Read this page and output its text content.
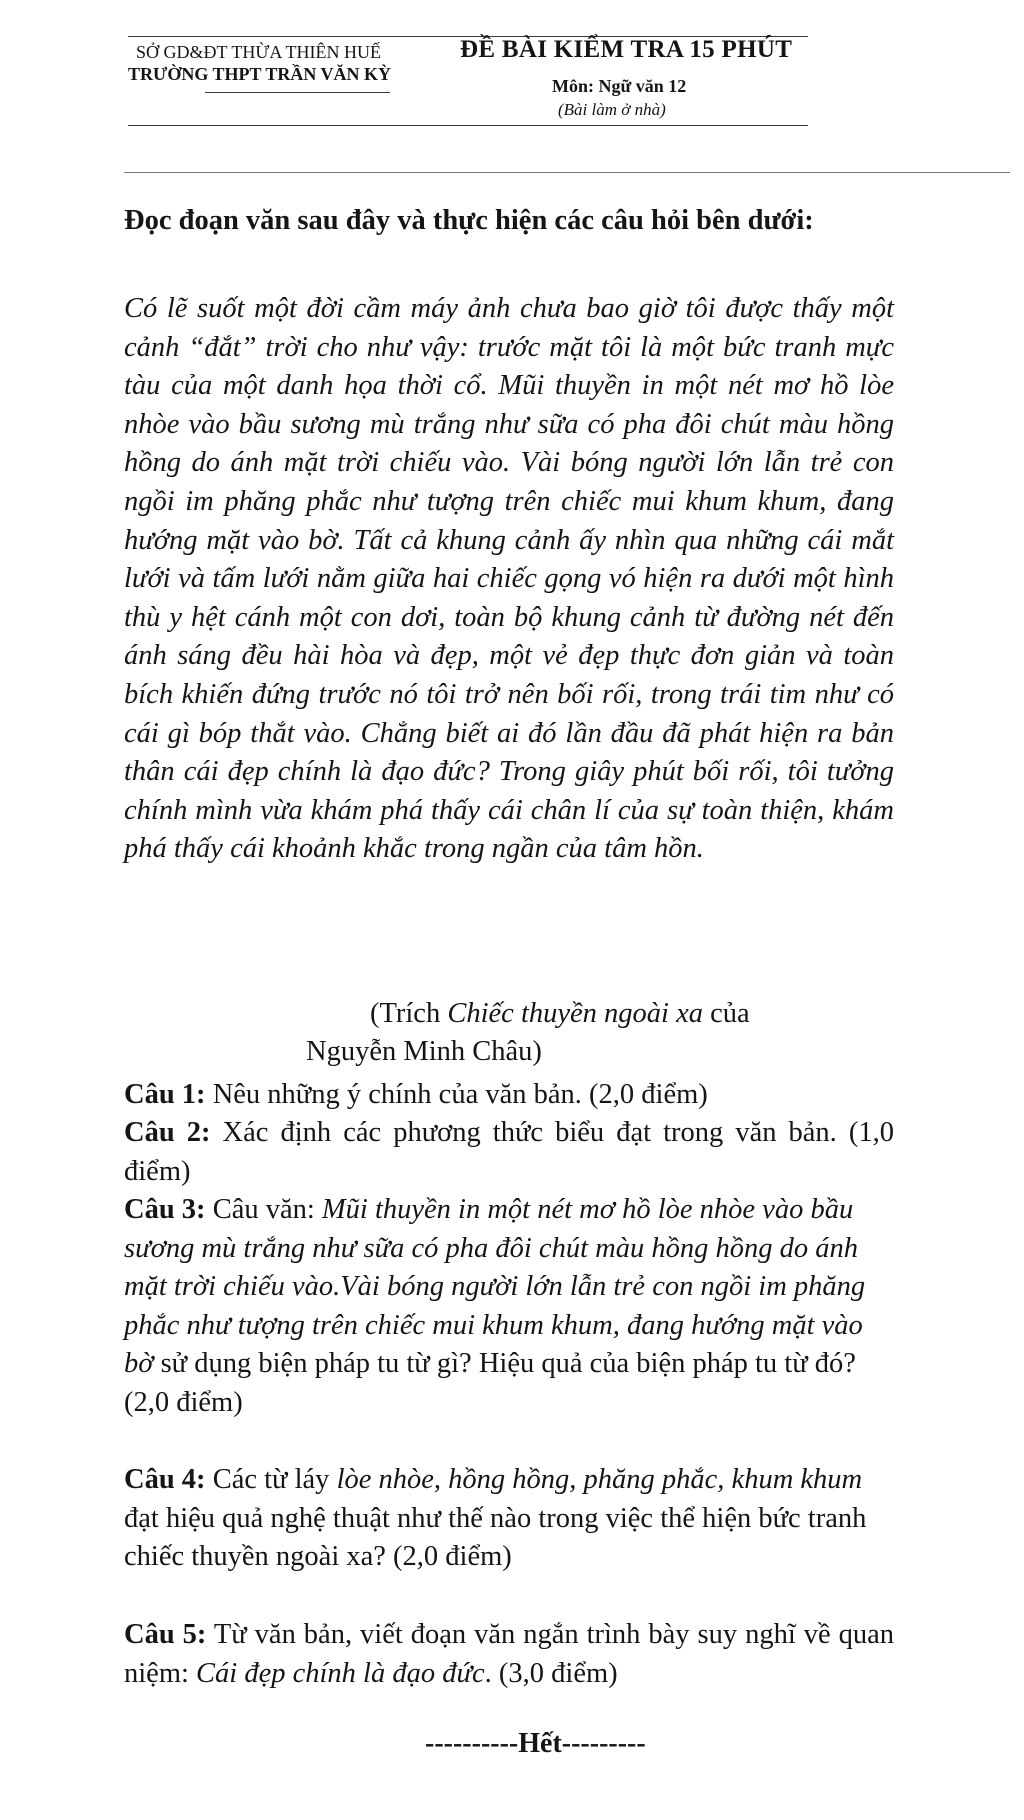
SỞ GD&ĐT THỪA THIÊN HUẾ
TRƯỜNG THPT TRẦN VĂN KỲ
ĐỀ BÀI KIỂM TRA 15 PHÚT
Môn: Ngữ văn 12
(Bài làm ở nhà)
Đọc đoạn văn sau đây và thực hiện các câu hỏi bên dưới:
Có lẽ suốt một đời cầm máy ảnh chưa bao giờ tôi được thấy một cảnh “đắt” trời cho như vậy: trước mặt tôi là một bức tranh mực tàu của một danh họa thời cổ. Mũi thuyền in một nét mơ hồ lòe nhòe vào bầu sương mù trắng như sữa có pha đôi chút màu hồng hồng do ánh mặt trời chiếu vào. Vài bóng người lớn lẫn trẻ con ngồi im phăng phắc như tượng trên chiếc mui khum khum, đang hướng mặt vào bờ. Tất cả khung cảnh ấy nhìn qua những cái mắt lưới và tấm lưới nằm giữa hai chiếc gọng vó hiện ra dưới một hình thù y hệt cánh một con dơi, toàn bộ khung cảnh từ đường nét đến ánh sáng đều hài hòa và đẹp, một vẻ đẹp thực đơn giản và toàn bích khiến đứng trước nó tôi trở nên bối rối, trong trái tim như có cái gì bóp thắt vào. Chẳng biết ai đó lần đầu đã phát hiện ra bản thân cái đẹp chính là đạo đức? Trong giây phút bối rối, tôi tưởng chính mình vừa khám phá thấy cái chân lí của sự toàn thiện, khám phá thấy cái khoảnh khắc trong ngần của tâm hồn.
(Trích Chiếc thuyền ngoài xa của
Nguyễn Minh Châu)
Câu 1: Nêu những ý chính của văn bản. (2,0 điểm)
Câu 2: Xác định các phương thức biểu đạt trong văn bản. (1,0 điểm)
Câu 3: Câu văn: Mũi thuyền in một nét mơ hồ lòe nhòe vào bầu sương mù trắng như sữa có pha đôi chút màu hồng hồng do ánh mặt trời chiếu vào.Vài bóng người lớn lẫn trẻ con ngồi im phăng phắc như tượng trên chiếc mui khum khum, đang hướng mặt vào bờ sử dụng biện pháp tu từ gì? Hiệu quả của biện pháp tu từ đó? (2,0 điểm)
Câu 4: Các từ láy lòe nhòe, hồng hồng, phăng phắc, khum khum đạt hiệu quả nghệ thuật như thế nào trong việc thể hiện bức tranh chiếc thuyền ngoài xa? (2,0 điểm)
Câu 5: Từ văn bản, viết đoạn văn ngắn trình bày suy nghĩ về quan niệm: Cái đẹp chính là đạo đức. (3,0 điểm)
----------Hết---------
